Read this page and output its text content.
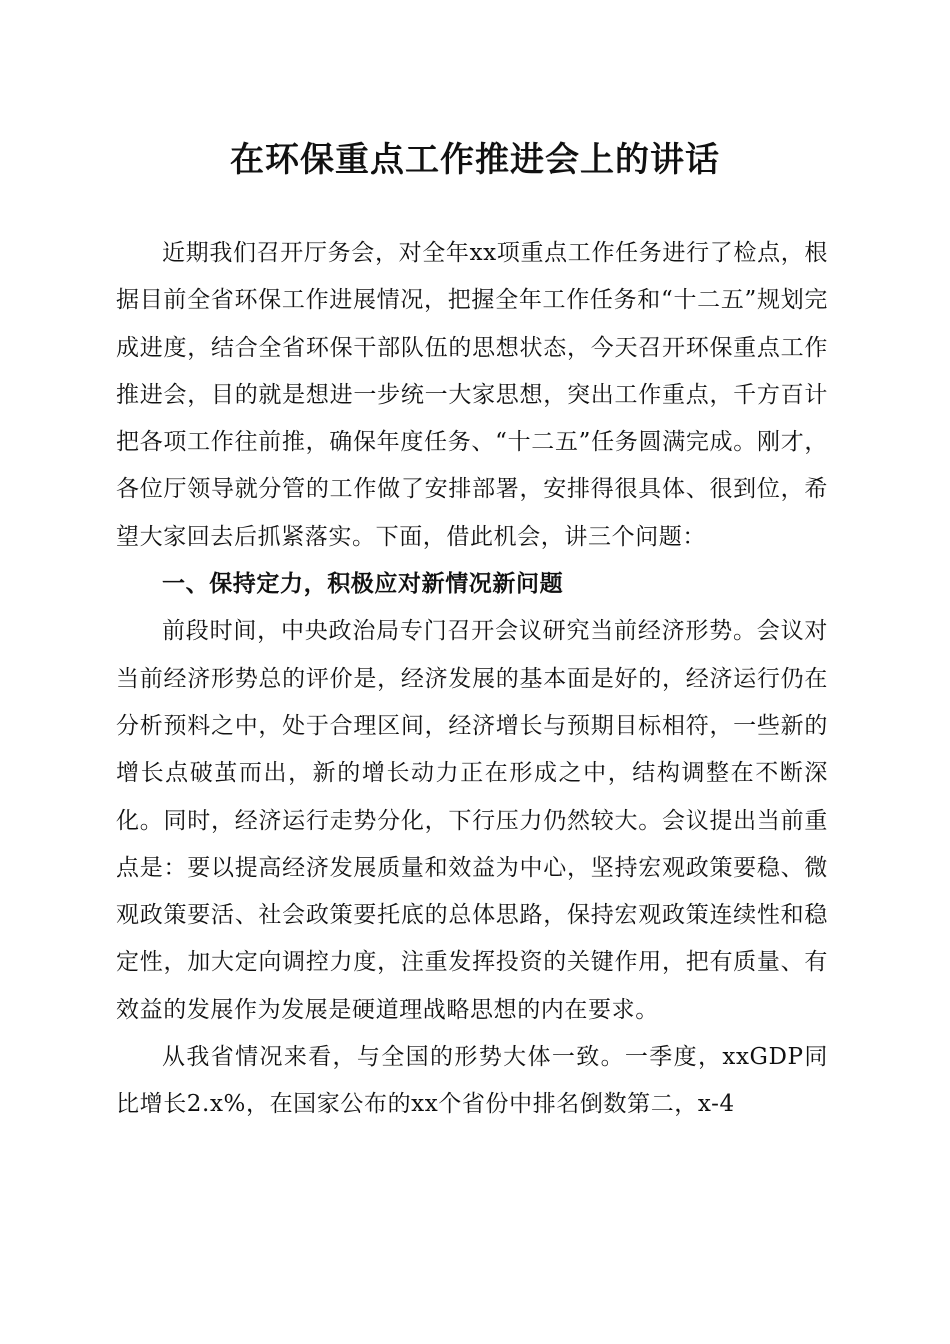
在环保重点工作推进会上的讲话

近期我们召开厅务会，对全年xx项重点工作任务进行了检点，根据目前全省环保工作进展情况，把握全年工作任务和“十二五”规划完成进度，结合全省环保干部队伍的思想状态，今天召开环保重点工作推进会，目的就是想进一步统一大家思想，突出工作重点，千方百计把各项工作往前推，确保年度任务、“十二五”任务圆满完成。刚才，各位厅领导就分管的工作做了安排部署，安排得很具体、很到位，希望大家回去后抓紧落实。下面，借此机会，讲三个问题：

一、保持定力，积极应对新情况新问题

前段时间，中央政治局专门召开会议研究当前经济形势。会议对当前经济形势总的评价是，经济发展的基本面是好的，经济运行仍在分析预料之中，处于合理区间，经济增长与预期目标相符，一些新的增长点破茧而出，新的增长动力正在形成之中，结构调整在不断深化。同时，经济运行走势分化，下行压力仍然较大。会议提出当前重点是：要以提高经济发展质量和效益为中心，坚持宏观政策要稳、微观政策要活、社会政策要托底的总体思路，保持宏观政策连续性和稳定性，加大定向调控力度，注重发挥投资的关键作用，把有质量、有效益的发展作为发展是硬道理战略思想的内在要求。

从我省情况来看，与全国的形势大体一致。一季度，xxGDP同比增长2.x%，在国家公布的xx个省份中排名倒数第二，x-4
